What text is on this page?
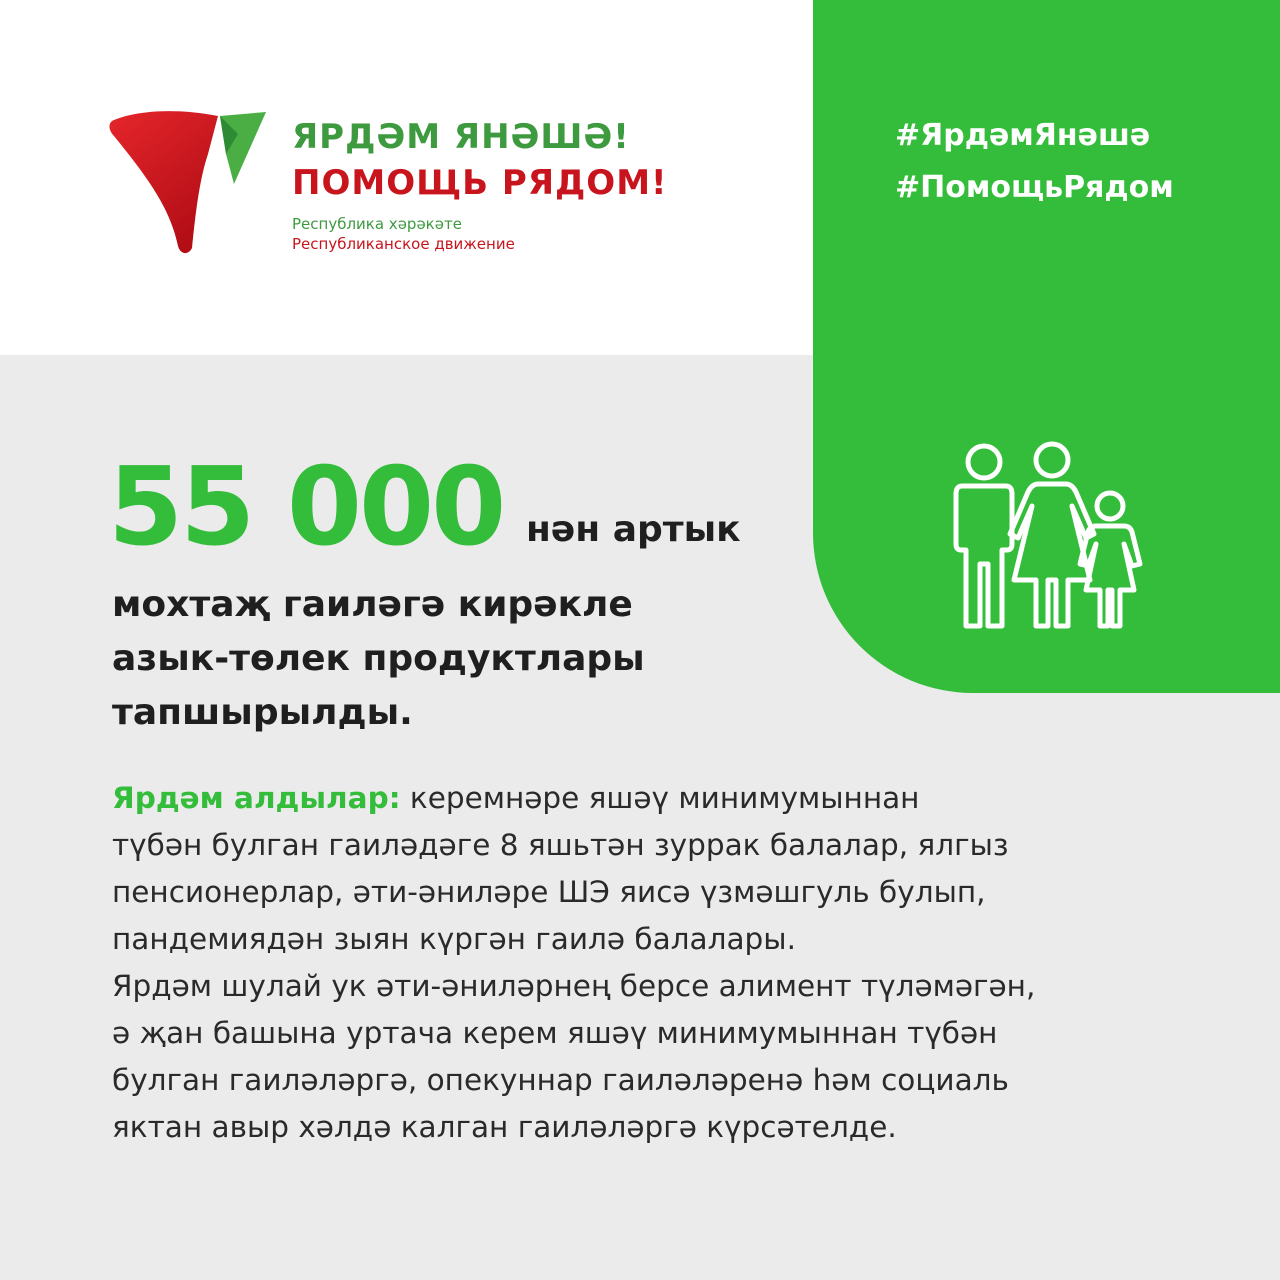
ЯРДӘМ ЯНӘШӘ!
ПОМОЩЬ РЯДОМ!
Республика хәрәкәте
Республиканское движение
#ЯрдәмЯнәшә
#ПомощьРядом
55 000 нән артык
мохтаҗ гаиләгә кирәкле
азык-төлек продуктлары
тапшырылды.
Ярдәм алдылар: керемнәре яшәү минимумыннан
түбән булган гаиләдәге 8 яшьтән зуррак балалар, ялгыз
пенсионерлар, әти-әниләре ШЭ яисә үзмәшгуль булып,
пандемиядән зыян күргән гаилә балалары.
Ярдәм шулай ук әти-әниләрнең берсе алимент түләмәгән,
ә җан башына уртача керем яшәү минимумыннан түбән
булган гаиләләргә, опекуннар гаиләләренә һәм социаль
яктан авыр хәлдә калган гаиләләргә күрсәтелде.
